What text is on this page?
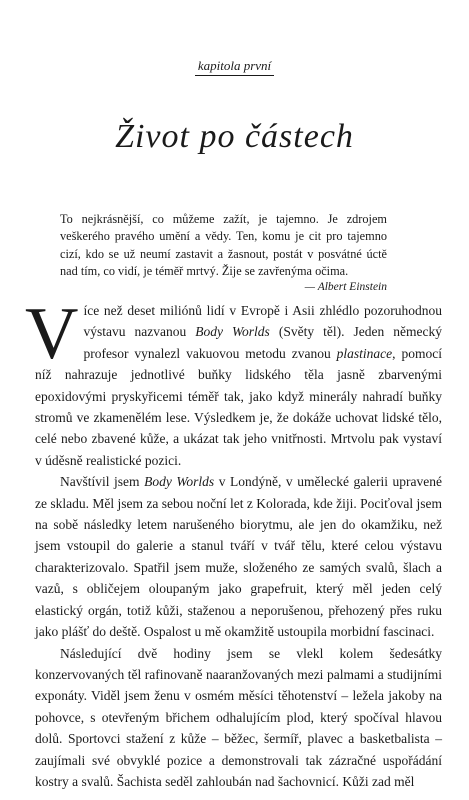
kapitola první
Život po částech

To nejkrásnější, co můžeme zažít, je tajemno. Je zdrojem veškerého pravého umění a vědy. Ten, komu je cit pro tajemno cizí, kdo se už neumí zastavit a žasnout, postát v posvátné úctě nad tím, co vidí, je téměř mrtvý. Žije se zavřenýma očima.

— Albert Einstein

Více než deset miliónů lidí v Evropě i Asii zhlédlo pozoruhodnou výstavu nazvanou Body Worlds (Světy těl). Jeden německý profesor vynalezl vakuovou metodu zvanou plastinace, pomocí níž nahrazuje jednotlivé buňky lidského těla jasně zbarvenými epoxidovými pryskyřicemi téměř tak, jako když minerály nahradí buňky stromů ve zkamenělém lese. Výsledkem je, že dokáže uchovat lidské tělo, celé nebo zbavené kůže, a ukázat tak jeho vnitřnosti. Mrtvolu pak vystaví v úděsně realistické pozici.

Navštívil jsem Body Worlds v Londýně, v umělecké galerii upravené ze skladu. Měl jsem za sebou noční let z Kolorada, kde žiji. Pociťoval jsem na sobě následky letem narušeného biorytmu, ale jen do okamžiku, než jsem vstoupil do galerie a stanul tváří v tvář tělu, které celou výstavu charakterizovalo. Spatřil jsem muže, složeného ze samých svalů, šlach a vazů, s obličejem oloupaným jako grapefruit, který měl jeden celý elastický orgán, totiž kůži, staženou a neporušenou, přehozený přes ruku jako plášť do deště. Ospalost u mě okamžitě ustoupila morbidní fascinaci.

Následující dvě hodiny jsem se vlekl kolem šedesátky konzervovaných těl rafinovaně naaranžovaných mezi palmami a studijními exponáty. Viděl jsem ženu v osmém měsíci těhotenství – ležela jakoby na pohovce, s otevřeným břichem odhalujícím plod, který spočíval hlavou dolů. Sportovci stažení z kůže – běžec, šermíř, plavec a basketbalista – zaujímali své obvyklé pozice a demonstrovali tak zázračné uspořádání kostry a svalů. Šachista seděl zahloubán nad šachovnicí. Kůži zad měl
